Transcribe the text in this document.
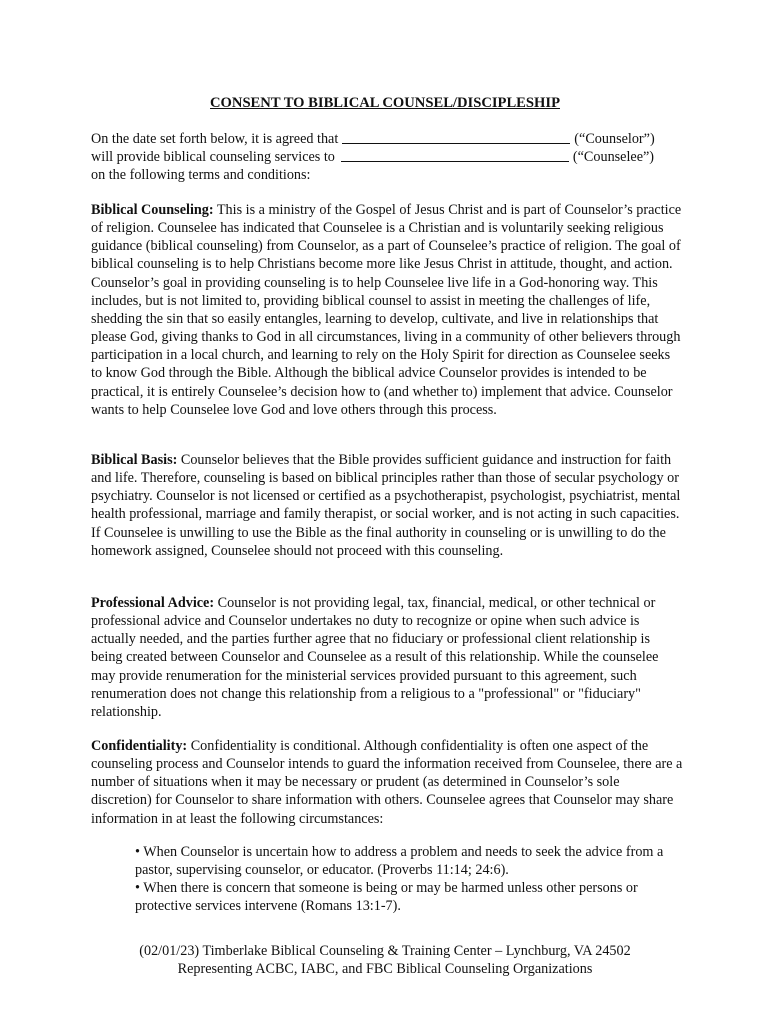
CONSENT TO BIBLICAL COUNSEL/DISCIPLESHIP
On the date set forth below, it is agreed that	(“Counselor”)
will provide biblical counseling services to	(“Counselee”)
on the following terms and conditions:
Biblical Counseling: This is a ministry of the Gospel of Jesus Christ and is part of Counselor’s practice of religion. Counselee has indicated that Counselee is a Christian and is voluntarily seeking religious guidance (biblical counseling) from Counselor, as a part of Counselee’s practice of religion. The goal of biblical counseling is to help Christians become more like Jesus Christ in attitude, thought, and action. Counselor’s goal in providing counseling is to help Counselee live life in a God-honoring way. This includes, but is not limited to, providing biblical counsel to assist in meeting the challenges of life, shedding the sin that so easily entangles, learning to develop, cultivate, and live in relationships that please God, giving thanks to God in all circumstances, living in a community of other believers through participation in a local church, and learning to rely on the Holy Spirit for direction as Counselee seeks to know God through the Bible. Although the biblical advice Counselor provides is intended to be practical, it is entirely Counselee’s decision how to (and whether to) implement that advice. Counselor wants to help Counselee love God and love others through this process.
Biblical Basis: Counselor believes that the Bible provides sufficient guidance and instruction for faith and life. Therefore, counseling is based on biblical principles rather than those of secular psychology or psychiatry. Counselor is not licensed or certified as a psychotherapist, psychologist, psychiatrist, mental health professional, marriage and family therapist, or social worker, and is not acting in such capacities. If Counselee is unwilling to use the Bible as the final authority in counseling or is unwilling to do the homework assigned, Counselee should not proceed with this counseling.
Professional Advice: Counselor is not providing legal, tax, financial, medical, or other technical or professional advice and Counselor undertakes no duty to recognize or opine when such advice is actually needed, and the parties further agree that no fiduciary or professional client relationship is being created between Counselor and Counselee as a result of this relationship. While the counselee may provide renumeration for the ministerial services provided pursuant to this agreement, such renumeration does not change this relationship from a religious to a "professional" or "fiduciary" relationship.
Confidentiality: Confidentiality is conditional. Although confidentiality is often one aspect of the counseling process and Counselor intends to guard the information received from Counselee, there are a number of situations when it may be necessary or prudent (as determined in Counselor’s sole discretion) for Counselor to share information with others. Counselee agrees that Counselor may share information in at least the following circumstances:
• When Counselor is uncertain how to address a problem and needs to seek the advice from a pastor, supervising counselor, or educator. (Proverbs 11:14; 24:6).
• When there is concern that someone is being or may be harmed unless other persons or protective services intervene (Romans 13:1-7).
(02/01/23) Timberlake Biblical Counseling & Training Center – Lynchburg, VA 24502
Representing ACBC, IABC, and FBC Biblical Counseling Organizations
